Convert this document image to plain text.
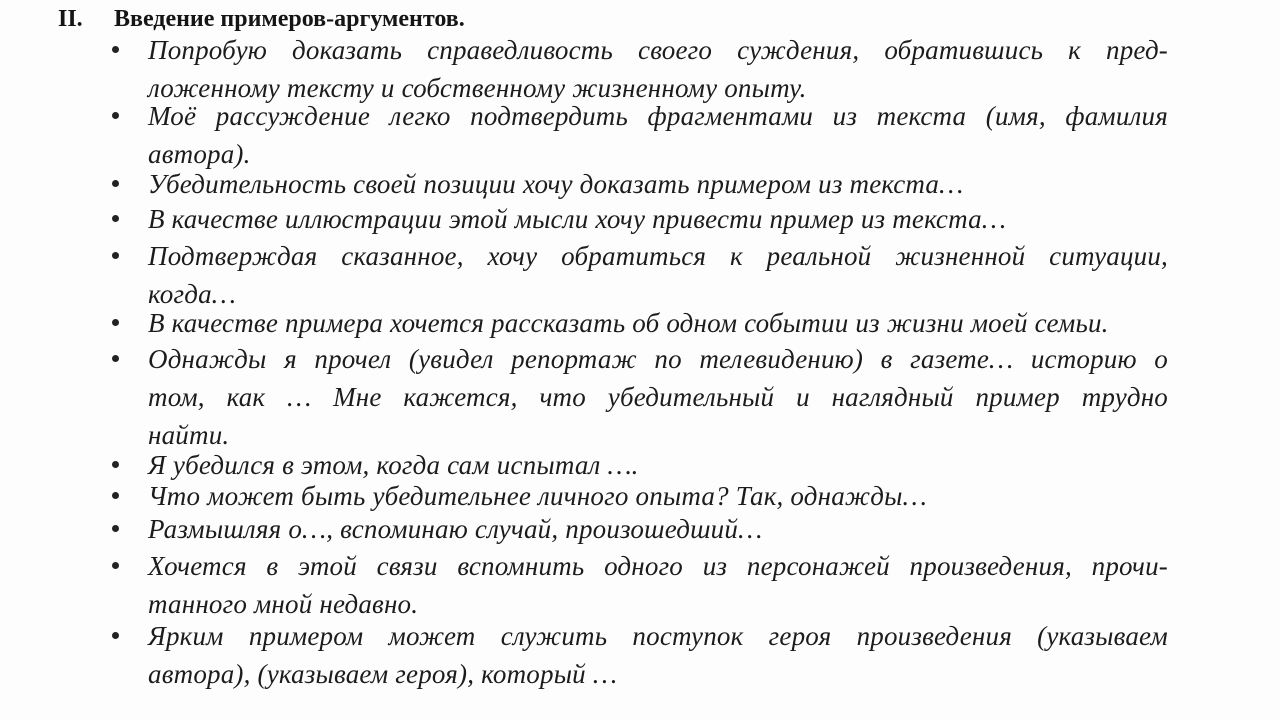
II. Введение примеров-аргументов.
Попробую доказать справедливость своего суждения, обратившись к пред-
ложенному тексту и собственному жизненному опыту.
Моё рассуждение легко подтвердить фрагментами из текста (имя, фамилия
автора).
Убедительность своей позиции хочу доказать примером из текста…
В качестве иллюстрации этой мысли хочу привести пример из текста…
Подтверждая сказанное, хочу обратиться к реальной жизненной ситуации,
когда…
В качестве примера хочется рассказать об одном событии из жизни моей семьи.
Однажды я прочел (увидел репортаж по телевидению) в газете… историю о
том, как … Мне кажется, что убедительный и наглядный пример трудно
найти.
Я убедился в этом, когда сам испытал ….
Что может быть убедительнее личного опыта? Так, однажды…
Размышляя о…, вспоминаю случай, произошедший…
Хочется в этой связи вспомнить одного из персонажей произведения, прочи-
танного мной недавно.
Ярким примером может служить поступок героя произведения (указываем
автора), (указываем героя), который …
